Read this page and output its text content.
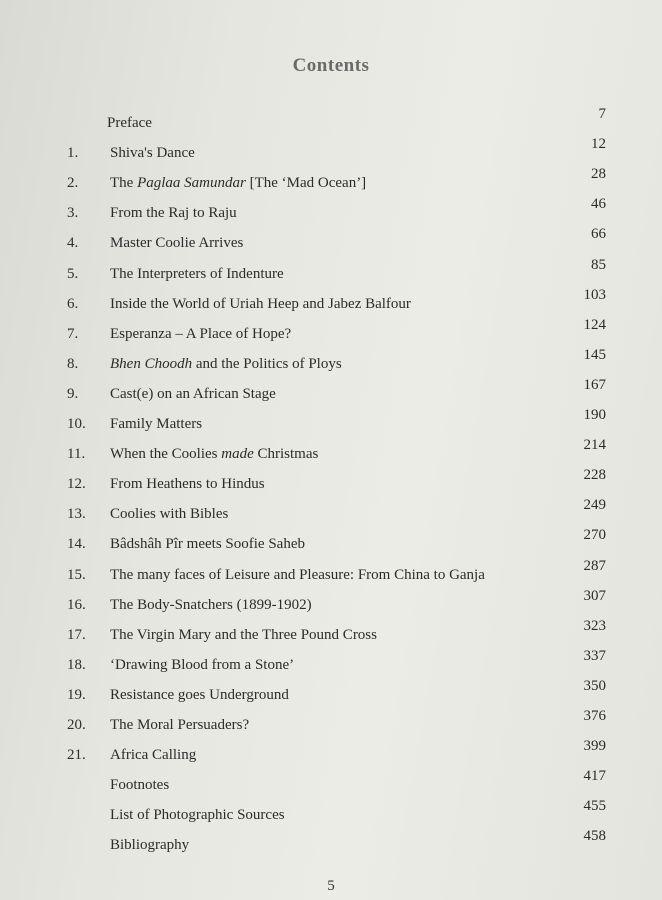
Contents
Preface
7
1. Shiva's Dance
12
2. The Paglaa Samundar [The ‘Mad Ocean’]
28
3. From the Raj to Raju
46
4. Master Coolie Arrives
66
5. The Interpreters of Indenture
85
6. Inside the World of Uriah Heep and Jabez Balfour
103
7. Esperanza – A Place of Hope?
124
8. Bhen Choodh and the Politics of Ploys
145
9. Cast(e) on an African Stage
167
10. Family Matters
190
11. When the Coolies made Christmas
214
12. From Heathens to Hindus
228
13. Coolies with Bibles
249
14. Bâdshâh Pîr meets Soofie Saheb
270
15. The many faces of Leisure and Pleasure: From China to Ganja
287
16. The Body-Snatchers (1899-1902)
307
17. The Virgin Mary and the Three Pound Cross
323
18. ‘Drawing Blood from a Stone’
337
19. Resistance goes Underground
350
20. The Moral Persuaders?
376
21. Africa Calling
399
Footnotes
417
List of Photographic Sources
455
Bibliography
458
5
